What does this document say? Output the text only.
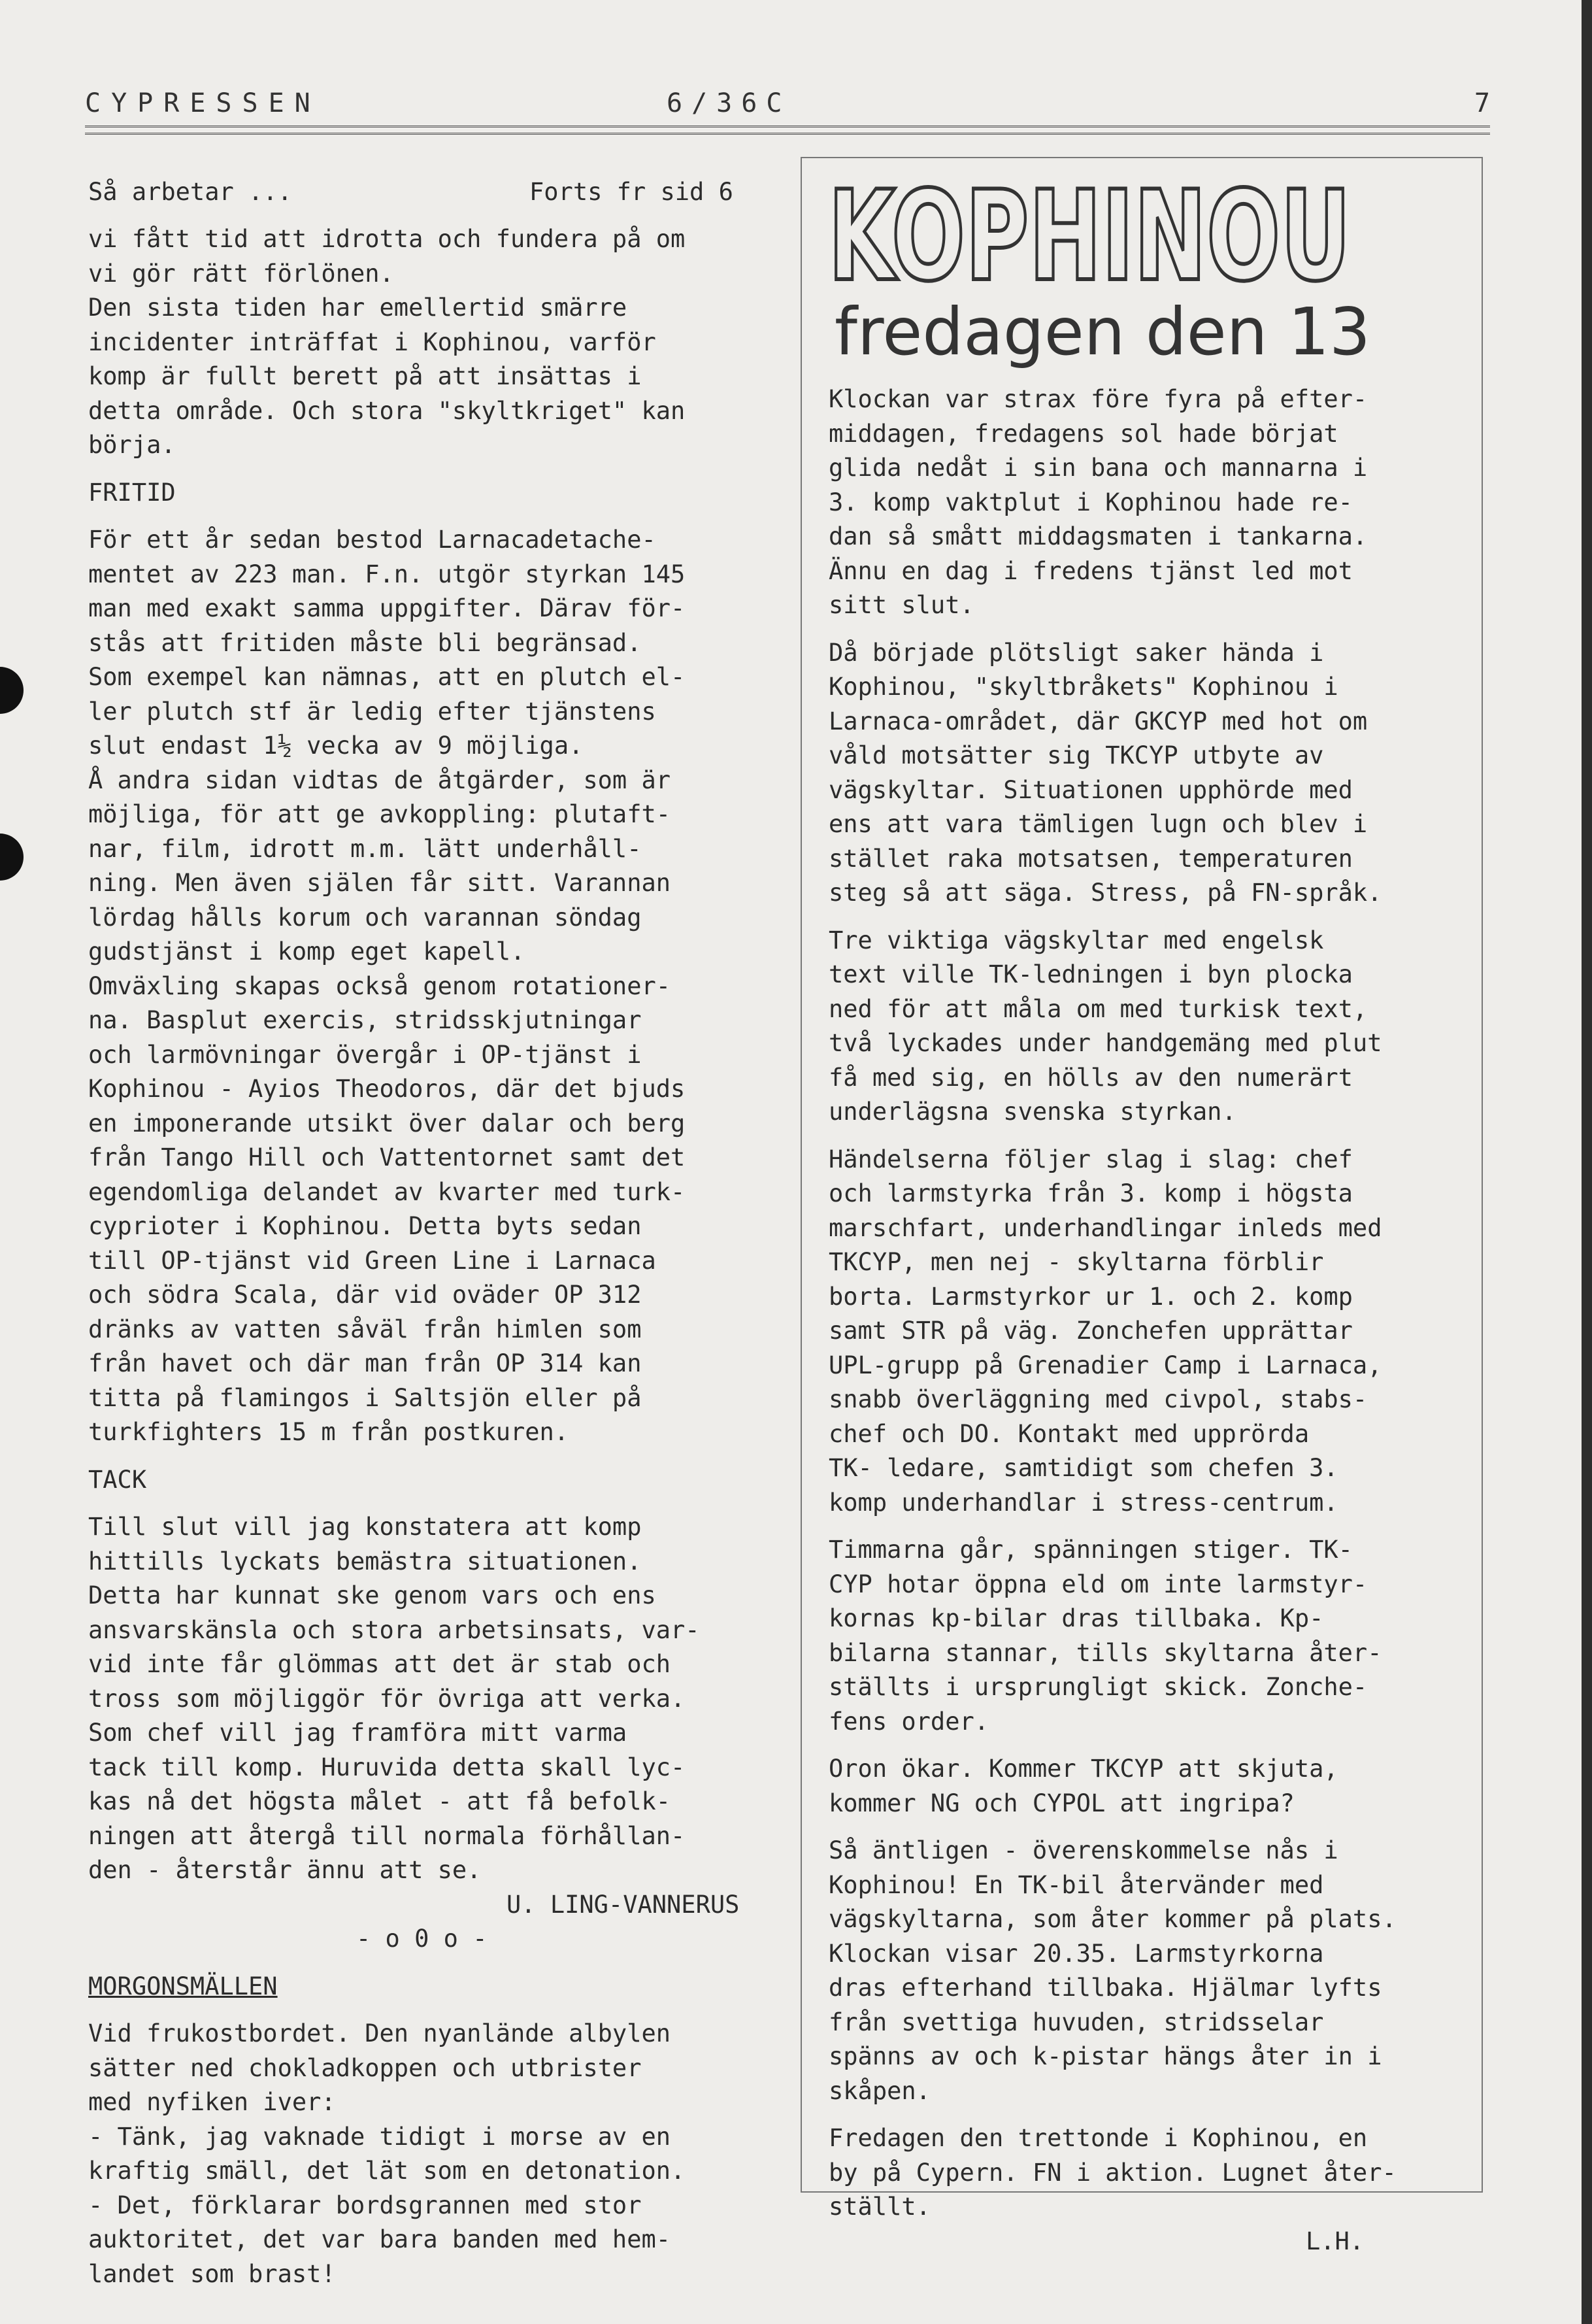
CYPRESSEN	6/36C	7
Så arbetar ...	Forts fr sid 6

vi fått tid att idrotta och fundera på om

vi gör rätt förlönen.

Den sista tiden har emellertid smärre

incidenter inträffat i Kophinou, varför

komp är fullt berett på att insättas i

detta område. Och stora "skyltkriget" kan

börja.

FRITID

För ett år sedan bestod Larnacadetache-

mentet av 223 man. F.n. utgör styrkan 145

man med exakt samma uppgifter. Därav för-

stås att fritiden måste bli begränsad.

Som exempel kan nämnas, att en plutch el-

ler plutch stf är ledig efter tjänstens

slut endast 1½ vecka av 9 möjliga.

Å andra sidan vidtas de åtgärder, som är

möjliga, för att ge avkoppling: plutaft-

nar, film, idrott m.m. lätt underhåll-

ning. Men även själen får sitt. Varannan

lördag hålls korum och varannan söndag

gudstjänst i komp eget kapell.

Omväxling skapas också genom rotationer-

na. Basplut exercis, stridsskjutningar

och larmövningar övergår i OP-tjänst i

Kophinou - Ayios Theodoros, där det bjuds

en imponerande utsikt över dalar och berg

från Tango Hill och Vattentornet samt det

egendomliga delandet av kvarter med turk-

cyprioter i Kophinou. Detta byts sedan

till OP-tjänst vid Green Line i Larnaca

och södra Scala, där vid oväder OP 312

dränks av vatten såväl från himlen som

från havet och där man från OP 314 kan

titta på flamingos i Saltsjön eller på

turkfighters 15 m från postkuren.

TACK

Till slut vill jag konstatera att komp

hittills lyckats bemästra situationen.

Detta har kunnat ske genom vars och ens

ansvarskänsla och stora arbetsinsats, var-

vid inte får glömmas att det är stab och

tross som möjliggör för övriga att verka.

Som chef vill jag framföra mitt varma

tack till komp. Huruvida detta skall lyc-

kas nå det högsta målet - att få befolk-

ningen att återgå till normala förhållan-

den - återstår ännu att se.

U. LING-VANNERUS

- o 0 o -

MORGONSMÄLLEN

Vid frukostbordet. Den nyanlände albylen

sätter ned chokladkoppen och utbrister

med nyfiken iver:

- Tänk, jag vaknade tidigt i morse av en

kraftig smäll, det lät som en detonation.

- Det, förklarar bordsgrannen med stor

auktoritet, det var bara banden med hem-

landet som brast!

KOPHINOU
fredagen den 13

Klockan var strax före fyra på efter-

middagen, fredagens sol hade börjat

glida nedåt i sin bana och mannarna i

3. komp vaktplut i Kophinou hade re-

dan så smått middagsmaten i tankarna.

Ännu en dag i fredens tjänst led mot

sitt slut.

Då började plötsligt saker hända i

Kophinou, "skyltbråkets" Kophinou i

Larnaca-området, där GKCYP med hot om

våld motsätter sig TKCYP utbyte av

vägskyltar. Situationen upphörde med

ens att vara tämligen lugn och blev i

stället raka motsatsen, temperaturen

steg så att säga. Stress, på FN-språk.

Tre viktiga vägskyltar med engelsk

text ville TK-ledningen i byn plocka

ned för att måla om med turkisk text,

två lyckades under handgemäng med plut

få med sig, en hölls av den numerärt

underlägsna svenska styrkan.

Händelserna följer slag i slag: chef

och larmstyrka från 3. komp i högsta

marschfart, underhandlingar inleds med

TKCYP, men nej - skyltarna förblir

borta. Larmstyrkor ur 1. och 2. komp

samt STR på väg. Zonchefen upprättar

UPL-grupp på Grenadier Camp i Larnaca,

snabb överläggning med civpol, stabs-

chef och DO. Kontakt med upprörda

TK- ledare, samtidigt som chefen 3.

komp underhandlar i stress-centrum.

Timmarna går, spänningen stiger. TK-

CYP hotar öppna eld om inte larmstyr-

kornas kp-bilar dras tillbaka. Kp-

bilarna stannar, tills skyltarna åter-

ställts i ursprungligt skick. Zonche-

fens order.

Oron ökar. Kommer TKCYP att skjuta,

kommer NG och CYPOL att ingripa?

Så äntligen - överenskommelse nås i

Kophinou! En TK-bil återvänder med

vägskyltarna, som åter kommer på plats.

Klockan visar 20.35. Larmstyrkorna

dras efterhand tillbaka. Hjälmar lyfts

från svettiga huvuden, stridsselar

spänns av och k-pistar hängs åter in i

skåpen.

Fredagen den trettonde i Kophinou, en

by på Cypern. FN i aktion. Lugnet åter-

ställt.

L.H.
